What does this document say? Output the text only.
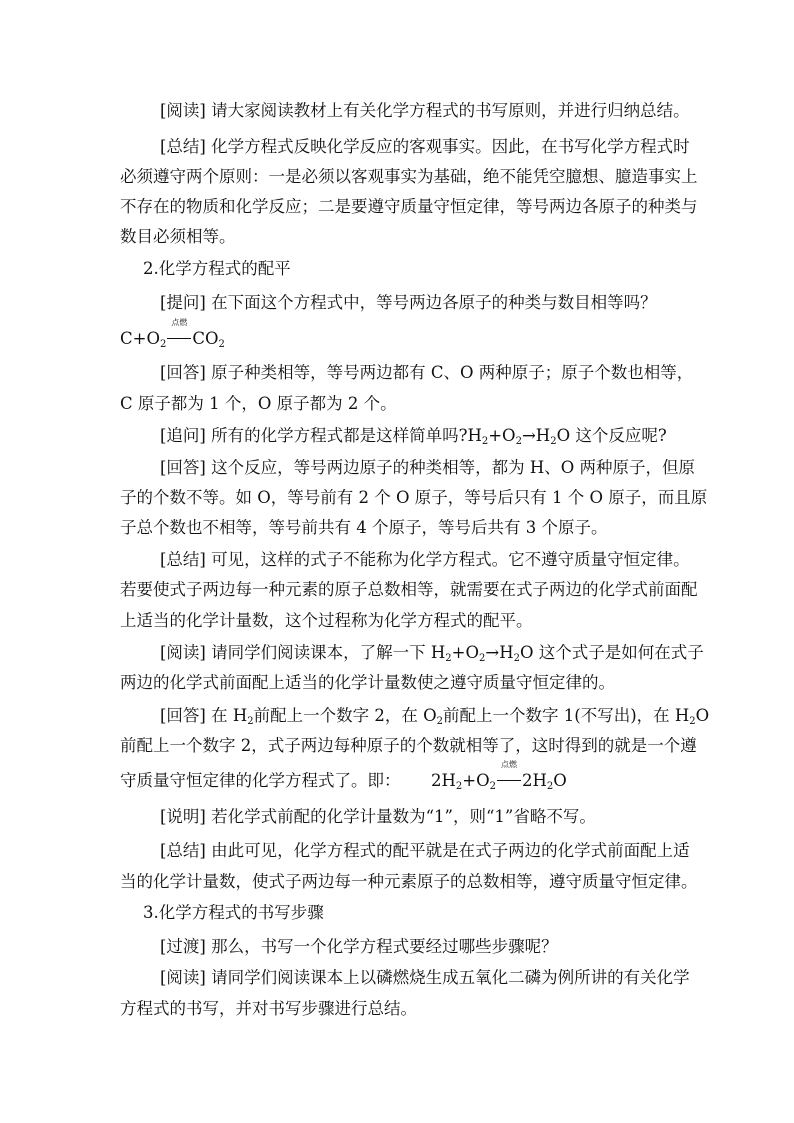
[阅读] 请大家阅读教材上有关化学方程式的书写原则，并进行归纳总结。
[总结] 化学方程式反映化学反应的客观事实。因此，在书写化学方程式时
必须遵守两个原则：一是必须以客观事实为基础，绝不能凭空臆想、臆造事实上
不存在的物质和化学反应；二是要遵守质量守恒定律，等号两边各原子的种类与
数目必须相等。
2.化学方程式的配平
[提问] 在下面这个方程式中，等号两边各原子的种类与数目相等吗？
$C+O_2$
点燃
$CO_2$
[回答] 原子种类相等，等号两边都有 C、O 两种原子；原子个数也相等，
C 原子都为 1 个，O 原子都为 2 个。
[追问] 所有的化学方程式都是这样简单吗$?H_2+O_2\to H_2O$ 这个反应呢?
[回答] 这个反应，等号两边原子的种类相等，都为 H、O 两种原子，但原
子的个数不等。如 O，等号前有 2 个 O 原子，等号后只有 1 个 O 原子，而且原
子总个数也不相等，等号前共有 4 个原子，等号后共有 3 个原子。
[总结] 可见，这样的式子不能称为化学方程式。它不遵守质量守恒定律。
若要使式子两边每一种元素的原子总数相等，就需要在式子两边的化学式前面配
上适当的化学计量数，这个过程称为化学方程式的配平。
[阅读] 请同学们阅读课本，了解一下 $H_2+O_2\to H_2O$ 这个式子是如何在式子
两边的化学式前面配上适当的化学计量数使之遵守质量守恒定律的。
[回答] 在 $H_2$前配上一个数字 2，在 $O_2$前配上一个数字 1(不写出)，在 $H_2O$
前配上一个数字 2，式子两边每种原子的个数就相等了，这时得到的就是一个遵
守质量守恒定律的化学方程式了。即： $2H_2+O_2$
点燃
$2H_2O$
[说明] 若化学式前配的化学计量数为“1”，则“1”省略不写。
[总结] 由此可见，化学方程式的配平就是在式子两边的化学式前面配上适
当的化学计量数，使式子两边每一种元素原子的总数相等，遵守质量守恒定律。
3.化学方程式的书写步骤
[过渡] 那么，书写一个化学方程式要经过哪些步骤呢？
[阅读] 请同学们阅读课本上以磷燃烧生成五氧化二磷为例所讲的有关化学
方程式的书写，并对书写步骤进行总结。
